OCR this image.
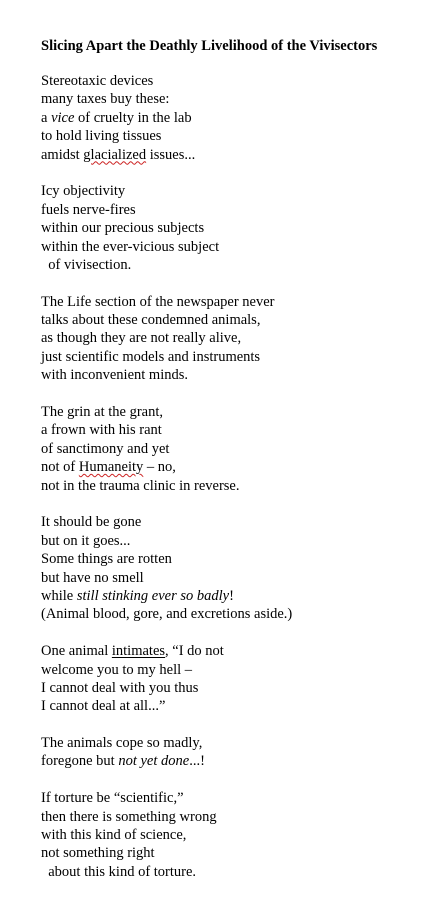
Slicing Apart the Deathly Livelihood of the Vivisectors

Stereotaxic devices
many taxes buy these:
a vice of cruelty in the lab
to hold living tissues
amidst glacialized issues...
Icy objectivity
fuels nerve-fires
within our precious subjects
within the ever-vicious subject
of vivisection.
The Life section of the newspaper never
talks about these condemned animals,
as though they are not really alive,
just scientific models and instruments
with inconvenient minds.
The grin at the grant,
a frown with his rant
of sanctimony and yet
not of Humaneity – no,
not in the trauma clinic in reverse.
It should be gone
but on it goes...
Some things are rotten
but have no smell
while still stinking ever so badly!
(Animal blood, gore, and excretions aside.)
One animal intimates, “I do not
welcome you to my hell –
I cannot deal with you thus
I cannot deal at all...”
The animals cope so madly,
foregone but not yet done...!
If torture be “scientific,”
then there is something wrong
with this kind of science,
not something right
about this kind of torture.
